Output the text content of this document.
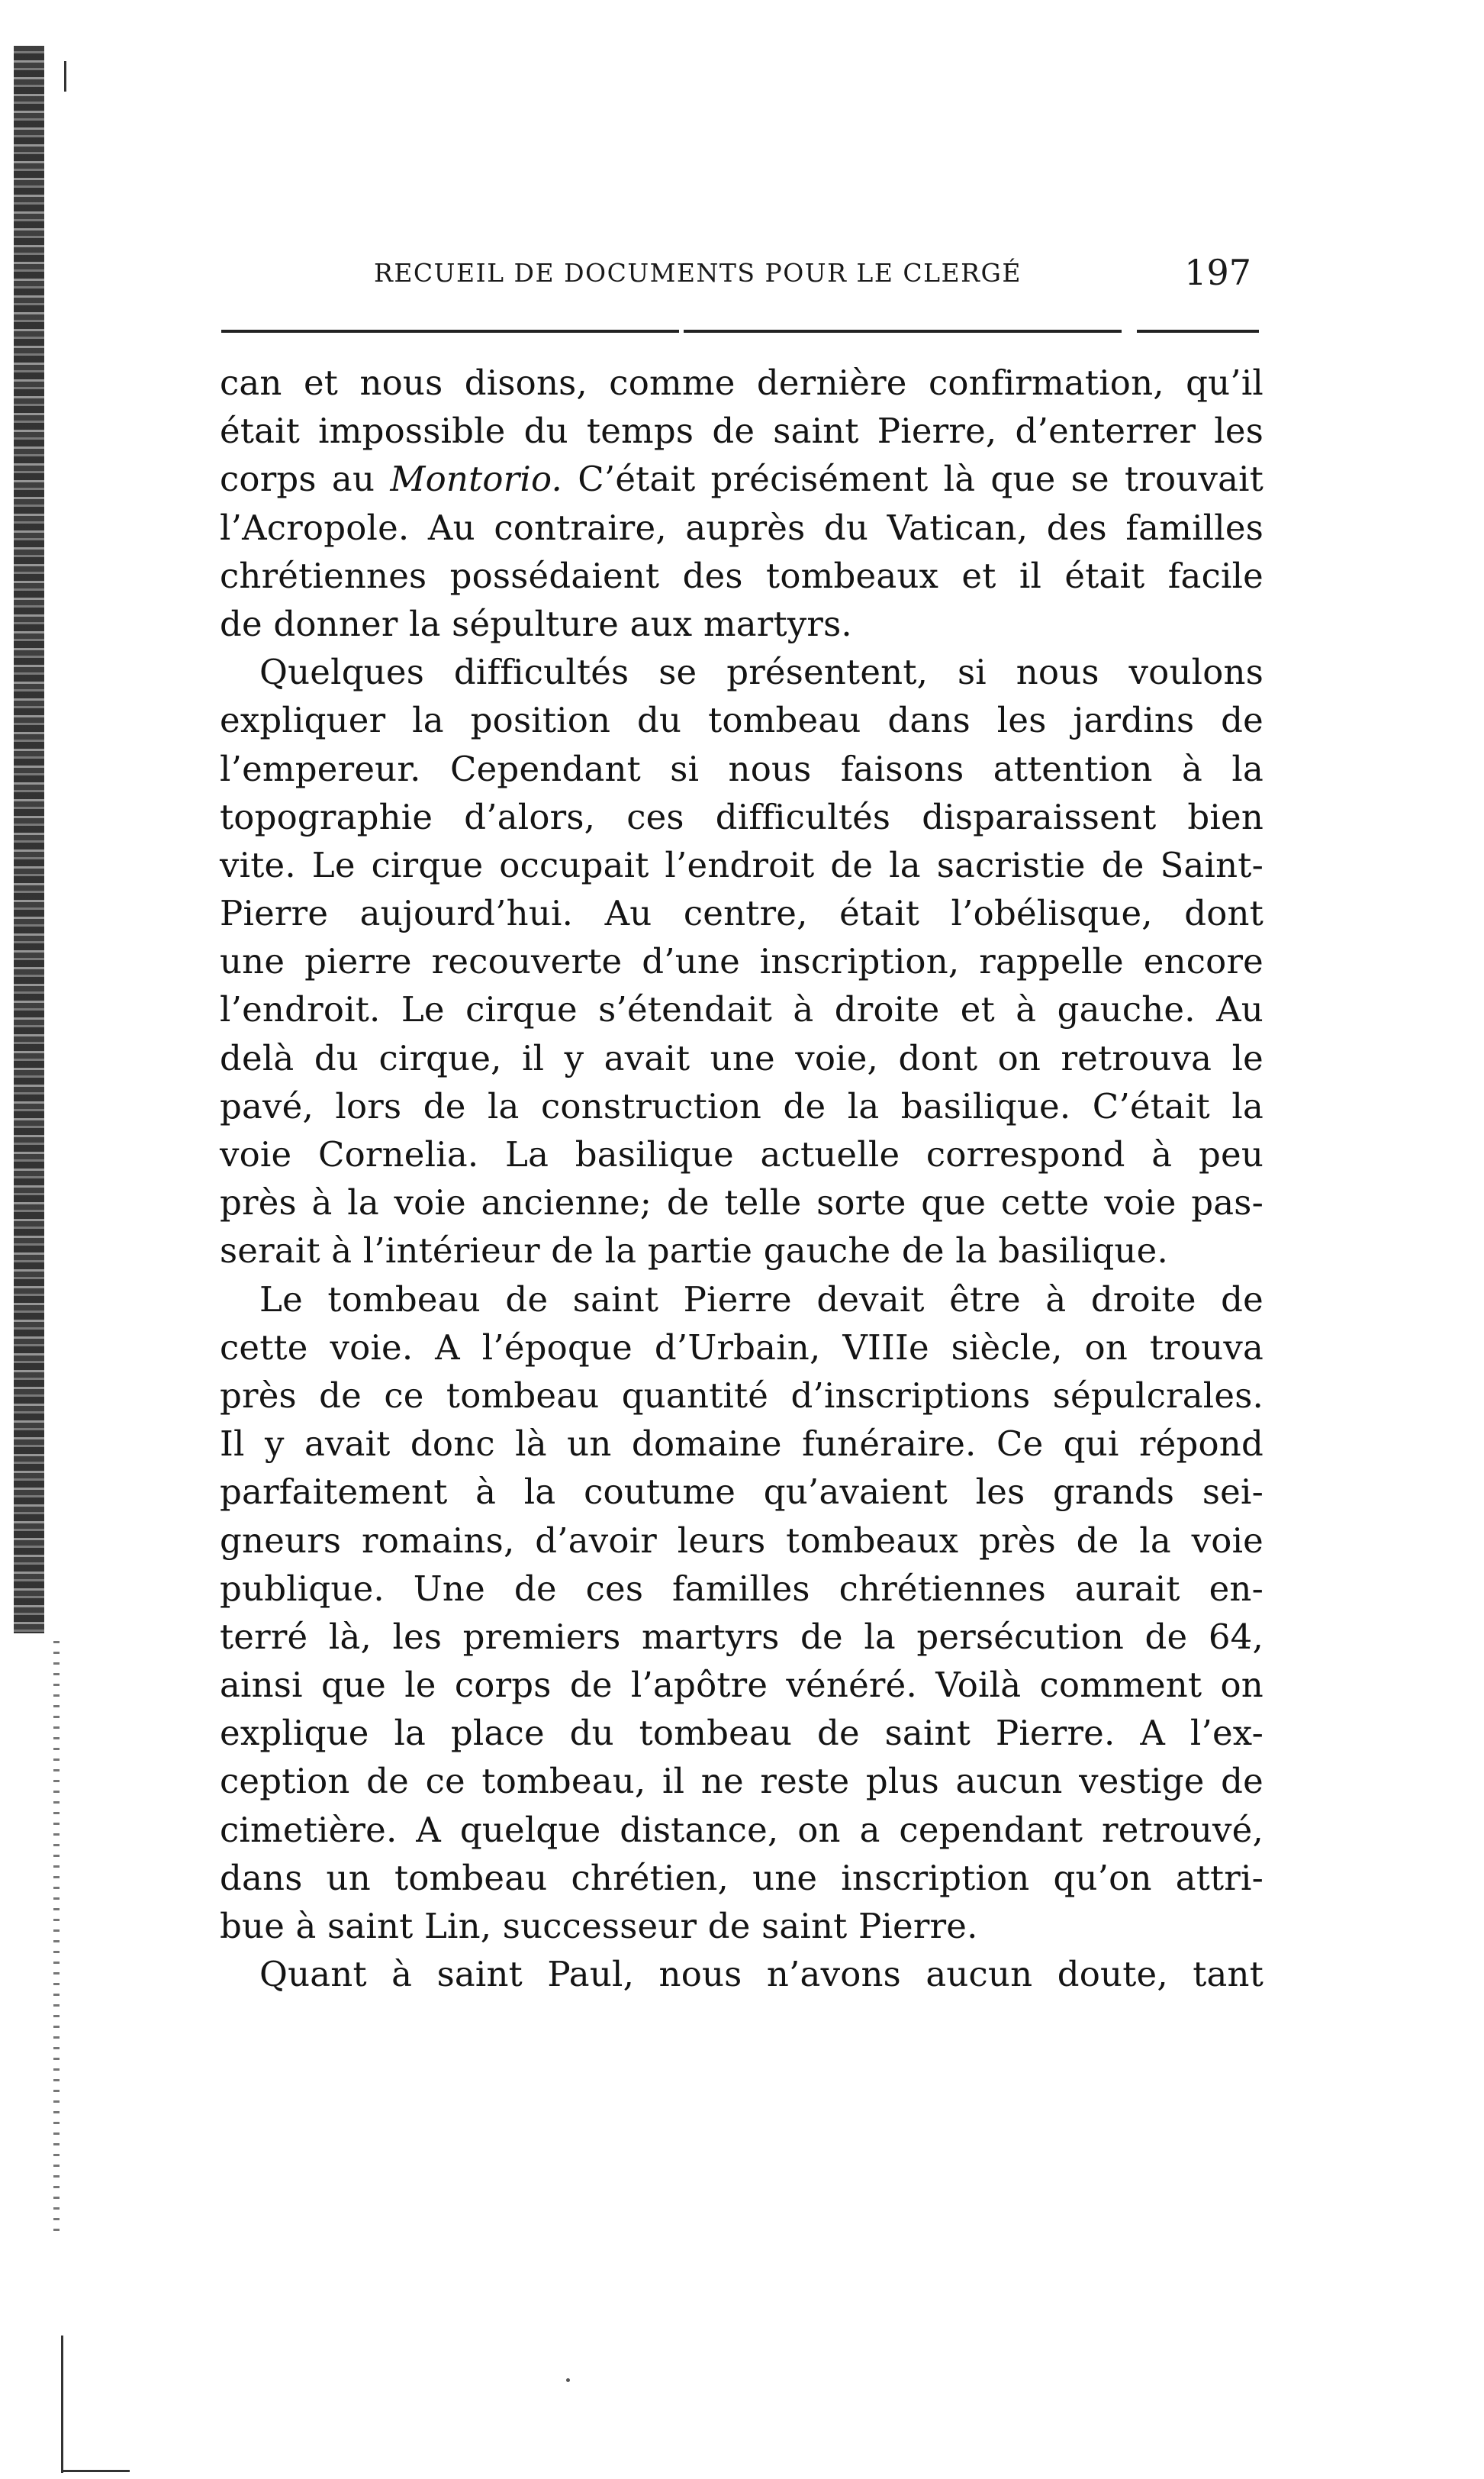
RECUEIL DE DOCUMENTS POUR LE CLERGÉ	197
can et nous disons, comme dernière confirmation, qu’il
était impossible du temps de saint Pierre, d’enterrer les
corps au Montorio. C’était précisément là que se trouvait
l’Acropole. Au contraire, auprès du Vatican, des familles
chrétiennes possédaient des tombeaux et il était facile
de donner la sépulture aux martyrs.
Quelques difficultés se présentent, si nous voulons
expliquer la position du tombeau dans les jardins de
l’empereur. Cependant si nous faisons attention à la
topographie d’alors, ces difficultés disparaissent bien
vite. Le cirque occupait l’endroit de la sacristie de Saint-
Pierre aujourd’hui. Au centre, était l’obélisque, dont
une pierre recouverte d’une inscription, rappelle encore
l’endroit. Le cirque s’étendait à droite et à gauche. Au
delà du cirque, il y avait une voie, dont on retrouva le
pavé, lors de la construction de la basilique. C’était la
voie Cornelia. La basilique actuelle correspond à peu
près à la voie ancienne; de telle sorte que cette voie pas-
serait à l’intérieur de la partie gauche de la basilique.
Le tombeau de saint Pierre devait être à droite de
cette voie. A l’époque d’Urbain, VIIIe siècle, on trouva
près de ce tombeau quantité d’inscriptions sépulcrales.
Il y avait donc là un domaine funéraire. Ce qui répond
parfaitement à la coutume qu’avaient les grands sei-
gneurs romains, d’avoir leurs tombeaux près de la voie
publique. Une de ces familles chrétiennes aurait en-
terré là, les premiers martyrs de la persécution de 64,
ainsi que le corps de l’apôtre vénéré. Voilà comment on
explique la place du tombeau de saint Pierre. A l’ex-
ception de ce tombeau, il ne reste plus aucun vestige de
cimetière. A quelque distance, on a cependant retrouvé,
dans un tombeau chrétien, une inscription qu’on attri-
bue à saint Lin, successeur de saint Pierre.
Quant à saint Paul, nous n’avons aucun doute, tant
